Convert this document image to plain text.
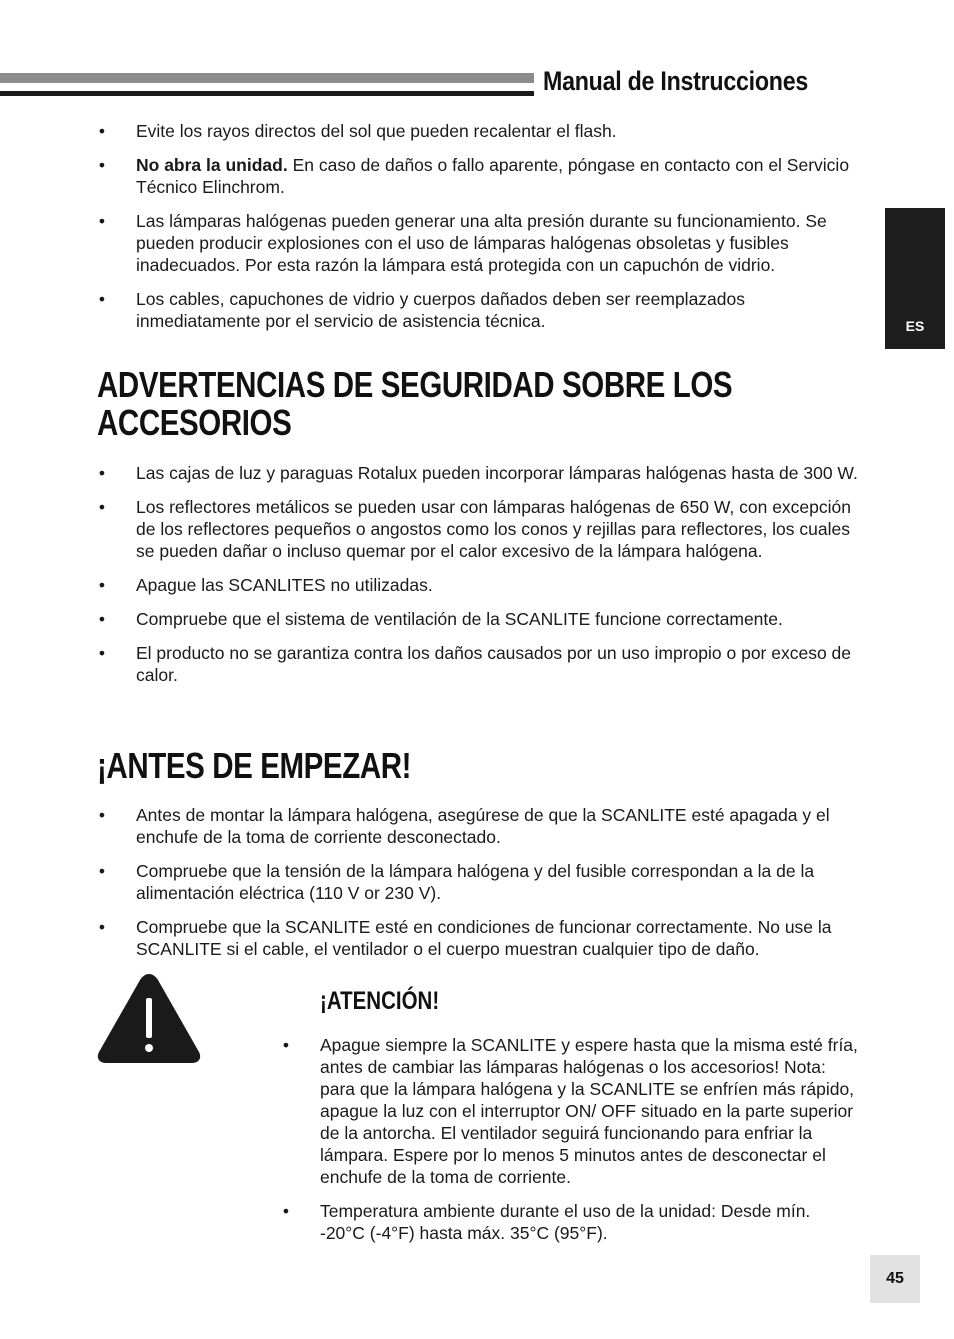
Manual de Instrucciones
ES
• Evite los rayos directos del sol que pueden recalentar el flash.
• No abra la unidad. En caso de daños o fallo aparente, póngase en contacto con el Servicio Técnico Elinchrom.
• Las lámparas halógenas pueden generar una alta presión durante su funcionamiento. Se pueden producir explosiones con el uso de lámparas halógenas obsoletas y fusibles inadecuados. Por esta razón la lámpara está protegida con un capuchón de vidrio.
• Los cables, capuchones de vidrio y cuerpos dañados deben ser reemplazados inmediatamente por el servicio de asistencia técnica.
ADVERTENCIAS DE SEGURIDAD SOBRE LOS
ACCESORIOS
• Las cajas de luz y paraguas Rotalux pueden incorporar lámparas halógenas hasta de 300 W.
• Los reflectores metálicos se pueden usar con lámparas halógenas de 650 W, con excepción de los reflectores pequeños o angostos como los conos y rejillas para reflectores, los cuales se pueden dañar o incluso quemar por el calor excesivo de la lámpara halógena.
• Apague las SCANLITES no utilizadas.
• Compruebe que el sistema de ventilación de la SCANLITE funcione correctamente.
• El producto no se garantiza contra los daños causados por un uso impropio o por exceso de calor.
¡ANTES DE EMPEZAR!
• Antes de montar la lámpara halógena, asegúrese de que la SCANLITE esté apagada y el enchufe de la toma de corriente desconectado.
• Compruebe que la tensión de la lámpara halógena y del fusible correspondan a la de la alimentación eléctrica (110 V or 230 V).
• Compruebe que la SCANLITE esté en condiciones de funcionar correctamente. No use la SCANLITE si el cable, el ventilador o el cuerpo muestran cualquier tipo de daño.
¡ATENCIÓN!
• Apague siempre la SCANLITE y espere hasta que la misma esté fría, antes de cambiar las lámparas halógenas o los accesorios! Nota: para que la lámpara halógena y la SCANLITE se enfríen más rápido, apague la luz con el interruptor ON/ OFF situado en la parte superior de la antorcha. El ventilador seguirá funcionando para enfriar la lámpara. Espere por lo menos 5 minutos antes de desconectar el enchufe de la toma de corriente.
• Temperatura ambiente durante el uso de la unidad: Desde mín. -20°C (-4°F) hasta máx. 35°C (95°F).
45
